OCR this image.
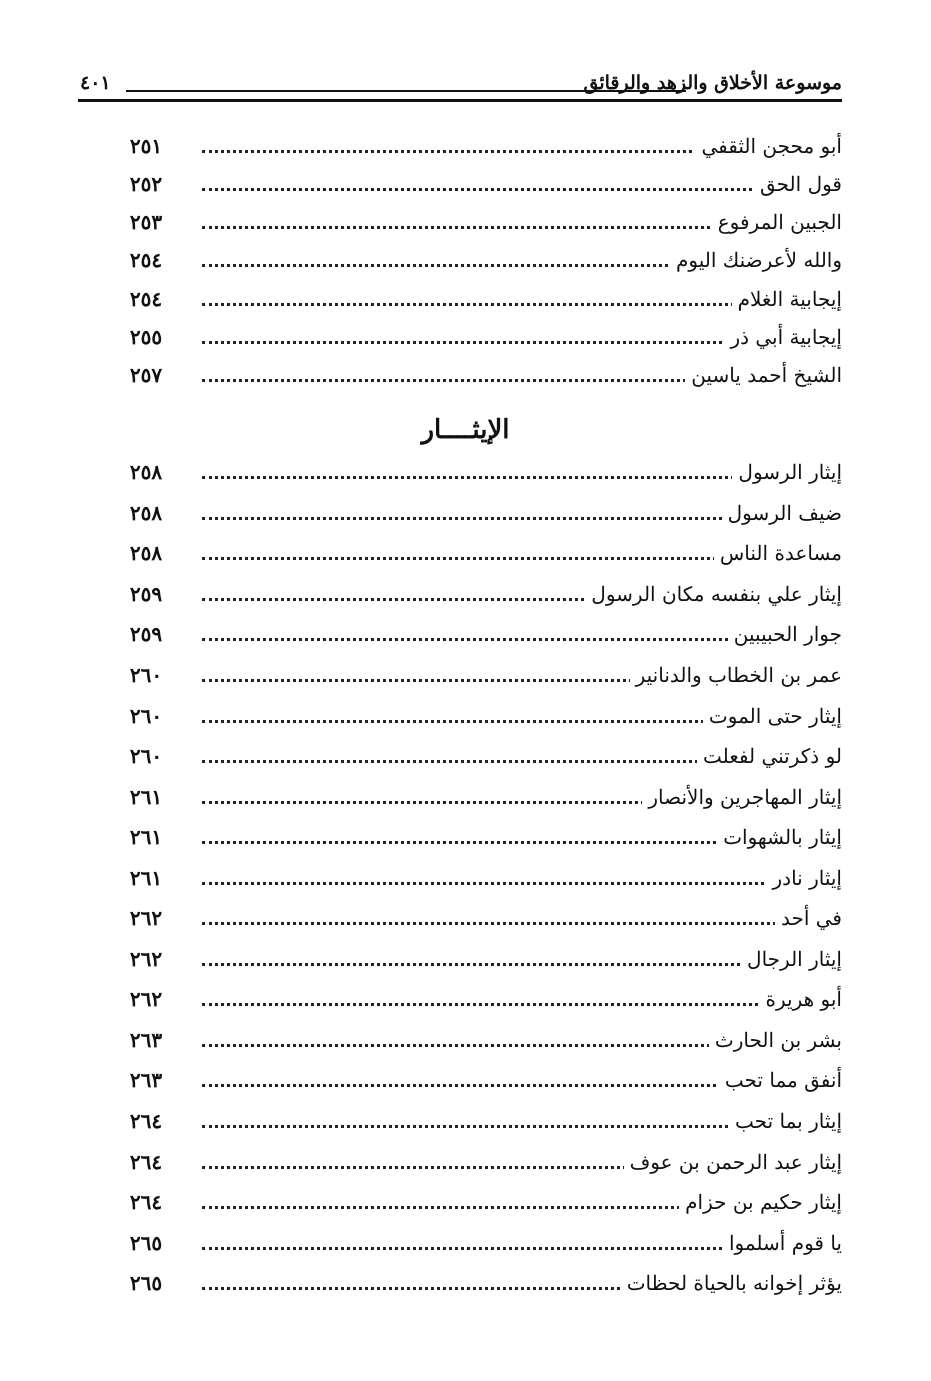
موسوعة الأخلاق والزهد والرقائق
٤٠١
أبو محجن الثقفي
٢٥١
قول الحق
٢٥٢
الجبين المرفوع
٢٥٣
والله لأعرضنك اليوم
٢٥٤
إيجابية الغلام
٢٥٤
إيجابية أبي ذر
٢٥٥
الشيخ أحمد ياسين
٢٥٧
الإيثــــار
إيثار الرسول
٢٥٨
ضيف الرسول
٢٥٨
مساعدة الناس
٢٥٨
إيثار علي بنفسه مكان الرسول
٢٥٩
جوار الحبيبين
٢٥٩
عمر بن الخطاب والدنانير
٢٦٠
إيثار حتى الموت
٢٦٠
لو ذكرتني لفعلت
٢٦٠
إيثار المهاجرين والأنصار
٢٦١
إيثار بالشهوات
٢٦١
إيثار نادر
٢٦١
في أحد
٢٦٢
إيثار الرجال
٢٦٢
أبو هريرة
٢٦٢
بشر بن الحارث
٢٦٣
أنفق مما تحب
٢٦٣
إيثار بما تحب
٢٦٤
إيثار عبد الرحمن بن عوف
٢٦٤
إيثار حكيم بن حزام
٢٦٤
يا قوم أسلموا
٢٦٥
يؤثر إخوانه بالحياة لحظات
٢٦٥
